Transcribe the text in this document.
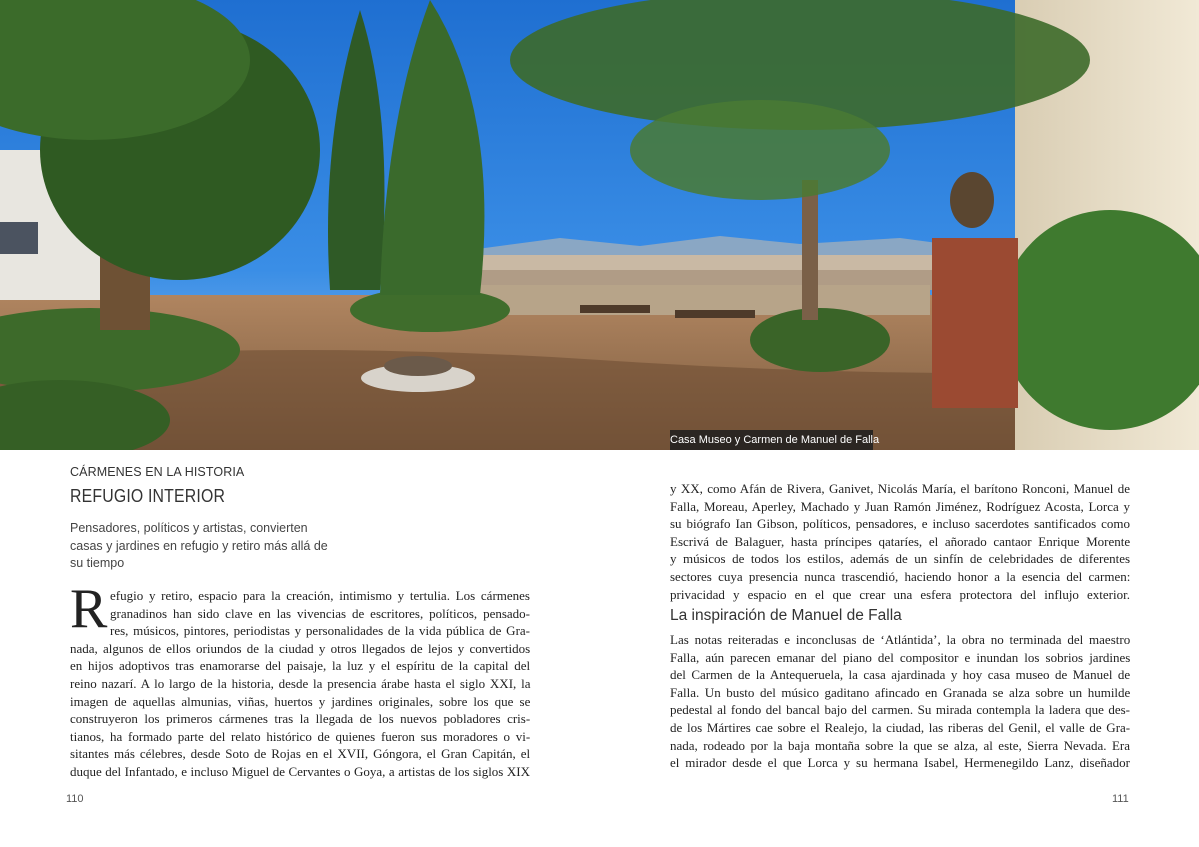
Casa Museo y Carmen de Manuel de Falla
CÁRMENES EN LA HISTORIA
REFUGIO INTERIOR
Pensadores, políticos y artistas, convierten casas y jardines en refugio y retiro más allá de su tiempo
R efugio y retiro, espacio para la creación, intimismo y tertulia. Los cármenes
granadinos han sido clave en las vivencias de escritores, políticos, pensado-
res, músicos, pintores, periodistas y personalidades de la vida pública de Gra-
nada, algunos de ellos oriundos de la ciudad y otros llegados de lejos y convertidos
en hijos adoptivos tras enamorarse del paisaje, la luz y el espíritu de la capital del
reino nazarí. A lo largo de la historia, desde la presencia árabe hasta el siglo XXI, la
imagen de aquellas almunias, viñas, huertos y jardines originales, sobre los que se
construyeron los primeros cármenes tras la llegada de los nuevos pobladores cris-
tianos, ha formado parte del relato histórico de quienes fueron sus moradores o vi-
sitantes más célebres, desde Soto de Rojas en el XVII, Góngora, el Gran Capitán, el
duque del Infantado, e incluso Miguel de Cervantes o Goya, a artistas de los siglos XIX
y XX, como Afán de Rivera, Ganivet, Nicolás María, el barítono Ronconi, Manuel de
Falla, Moreau, Aperley, Machado y Juan Ramón Jiménez, Rodríguez Acosta, Lorca y
su biógrafo Ian Gibson, políticos, pensadores, e incluso sacerdotes santificados como
Escrivá de Balaguer, hasta príncipes qataríes, el añorado cantaor Enrique Morente
y músicos de todos los estilos, además de un sinfín de celebridades de diferentes
sectores cuya presencia nunca trascendió, haciendo honor a la esencia del carmen:
privacidad y espacio en el que crear una esfera protectora del influjo exterior.
La inspiración de Manuel de Falla
Las notas reiteradas e inconclusas de ‘Atlántida’, la obra no terminada del maestro
Falla, aún parecen emanar del piano del compositor e inundan los sobrios jardines
del Carmen de la Antequeruela, la casa ajardinada y hoy casa museo de Manuel de
Falla. Un busto del músico gaditano afincado en Granada se alza sobre un humilde
pedestal al fondo del bancal bajo del carmen. Su mirada contempla la ladera que des-
de los Mártires cae sobre el Realejo, la ciudad, las riberas del Genil, el valle de Gra-
nada, rodeado por la baja montaña sobre la que se alza, al este, Sierra Nevada. Era
el mirador desde el que Lorca y su hermana Isabel, Hermenegildo Lanz, diseñador
110	111
